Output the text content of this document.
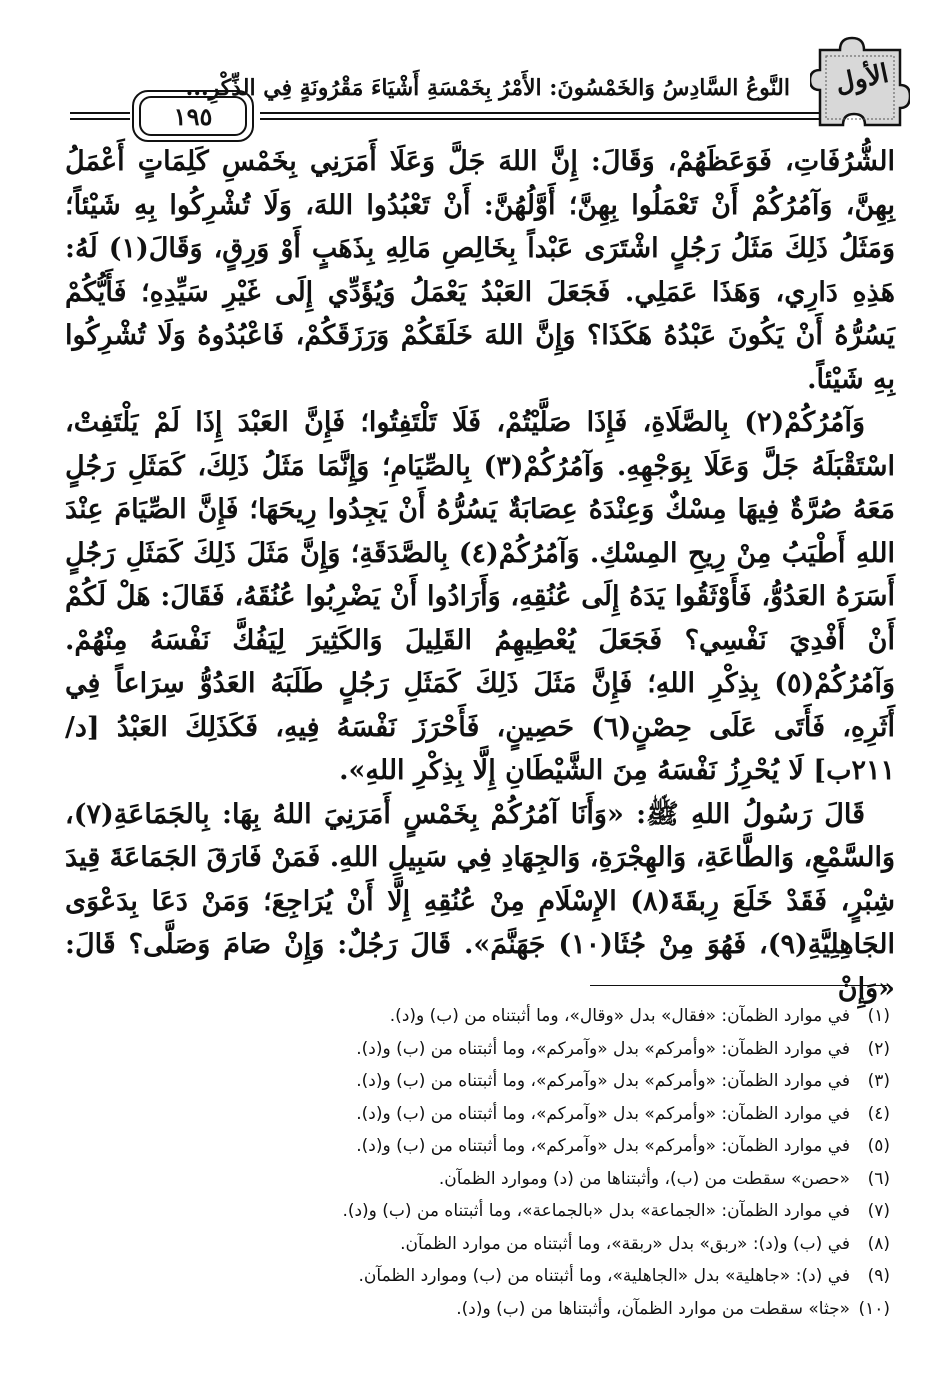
الأول
النَّوعُ السَّادِسُ وَالخَمْسُونَ: الأَمْرُ بِخَمْسَةِ أَشْيَاءَ مَقْرُونَةٍ فِي الذِّكْرِ...
١٩٥

الشُّرُفَاتِ، فَوَعَظَهُمْ، وَقَالَ: إِنَّ اللهَ جَلَّ وَعَلَا أَمَرَنِي بِخَمْسِ كَلِمَاتٍ أَعْمَلُ بِهِنَّ، وَآمُرُكُمْ أَنْ تَعْمَلُوا بِهِنَّ؛ أَوَّلُهُنَّ: أَنْ تَعْبُدُوا اللهَ، وَلَا تُشْرِكُوا بِهِ شَيْئاً؛ وَمَثَلُ ذَلِكَ مَثَلُ رَجُلٍ اشْتَرَى عَبْداً بِخَالِصِ مَالِهِ بِذَهَبٍ أَوْ وَرِقٍ، وَقَالَ(١) لَهُ: هَذِهِ دَارِي، وَهَذَا عَمَلِي. فَجَعَلَ العَبْدُ يَعْمَلُ وَيُؤَدِّي إِلَى غَيْرِ سَيِّدِهِ؛ فَأَيُّكُمْ يَسُرُّهُ أَنْ يَكُونَ عَبْدُهُ هَكَذَا؟ وَإِنَّ اللهَ خَلَقَكُمْ وَرَزَقَكُمْ، فَاعْبُدُوهُ وَلَا تُشْرِكُوا بِهِ شَيْئاً.

وَآمُرُكُمْ(٢) بِالصَّلَاةِ، فَإِذَا صَلَّيْتُمْ، فَلَا تَلْتَفِتُوا؛ فَإِنَّ العَبْدَ إِذَا لَمْ يَلْتَفِتْ، اسْتَقْبَلَهُ جَلَّ وَعَلَا بِوَجْهِهِ. وَآمُرُكُمْ(٣) بِالصِّيَامِ؛ وَإِنَّمَا مَثَلُ ذَلِكَ، كَمَثَلِ رَجُلٍ مَعَهُ صُرَّةٌ فِيهَا مِسْكٌ وَعِنْدَهُ عِصَابَةٌ يَسُرُّهُ أَنْ يَجِدُوا رِيحَهَا؛ فَإِنَّ الصِّيَامَ عِنْدَ اللهِ أَطْيَبُ مِنْ رِيحِ المِسْكِ. وَآمُرُكُمْ(٤) بِالصَّدَقَةِ؛ وَإِنَّ مَثَلَ ذَلِكَ كَمَثَلِ رَجُلٍ أَسَرَهُ العَدُوُّ، فَأَوْثَقُوا يَدَهُ إِلَى عُنُقِهِ، وَأَرَادُوا أَنْ يَضْرِبُوا عُنُقَهُ، فَقَالَ: هَلْ لَكُمْ أَنْ أَفْدِيَ نَفْسِي؟ فَجَعَلَ يُعْطِيهِمُ القَلِيلَ وَالكَثِيرَ لِيَفُكَّ نَفْسَهُ مِنْهُمْ. وَآمُرُكُمْ(٥) بِذِكْرِ اللهِ؛ فَإِنَّ مَثَلَ ذَلِكَ كَمَثَلِ رَجُلٍ طَلَبَهُ العَدُوُّ سِرَاعاً فِي أَثَرِهِ، فَأَتَى عَلَى حِصْنٍ(٦) حَصِينٍ، فَأَحْرَزَ نَفْسَهُ فِيهِ، فَكَذَلِكَ العَبْدُ [د/ ٢١١ب] لَا يُحْرِزُ نَفْسَهُ مِنَ الشَّيْطَانِ إِلَّا بِذِكْرِ اللهِ».

قَالَ رَسُولُ اللهِ ﷺ: «وَأَنَا آمُرُكُمْ بِخَمْسٍ أَمَرَنِيَ اللهُ بِهَا: بِالجَمَاعَةِ(٧)، وَالسَّمْعِ، وَالطَّاعَةِ، وَالهِجْرَةِ، وَالجِهَادِ فِي سَبِيلِ اللهِ. فَمَنْ فَارَقَ الجَمَاعَةَ قِيدَ شِبْرٍ، فَقَدْ خَلَعَ رِبقَةَ(٨) الإِسْلَامِ مِنْ عُنُقِهِ إِلَّا أَنْ يُرَاجِعَ؛ وَمَنْ دَعَا بِدَعْوَى الجَاهِلِيَّةِ(٩)، فَهُوَ مِنْ جُثَا(١٠) جَهَنَّمَ». قَالَ رَجُلٌ: وَإِنْ صَامَ وَصَلَّى؟ قَالَ: «وَإِنْ

(١)في موارد الظمآن: «فقال» بدل «وقال»، وما أثبتناه من (ب) و(د).
(٢)في موارد الظمآن: «وأمركم» بدل «وآمركم»، وما أثبتناه من (ب) و(د).
(٣)في موارد الظمآن: «وأمركم» بدل «وآمركم»، وما أثبتناه من (ب) و(د).
(٤)في موارد الظمآن: «وأمركم» بدل «وآمركم»، وما أثبتناه من (ب) و(د).
(٥)في موارد الظمآن: «وأمركم» بدل «وآمركم»، وما أثبتناه من (ب) و(د).
(٦)«حصن» سقطت من (ب)، وأثبتناها من (د) وموارد الظمآن.
(٧)في موارد الظمآن: «الجماعة» بدل «بالجماعة»، وما أثبتناه من (ب) و(د).
(٨)في (ب) و(د): «ربق» بدل «ربقة»، وما أثبتناه من موارد الظمآن.
(٩)في (د): «جاهلية» بدل «الجاهلية»، وما أثبتناه من (ب) وموارد الظمآن.
(١٠)«جثا» سقطت من موارد الظمآن، وأثبتناها من (ب) و(د).
